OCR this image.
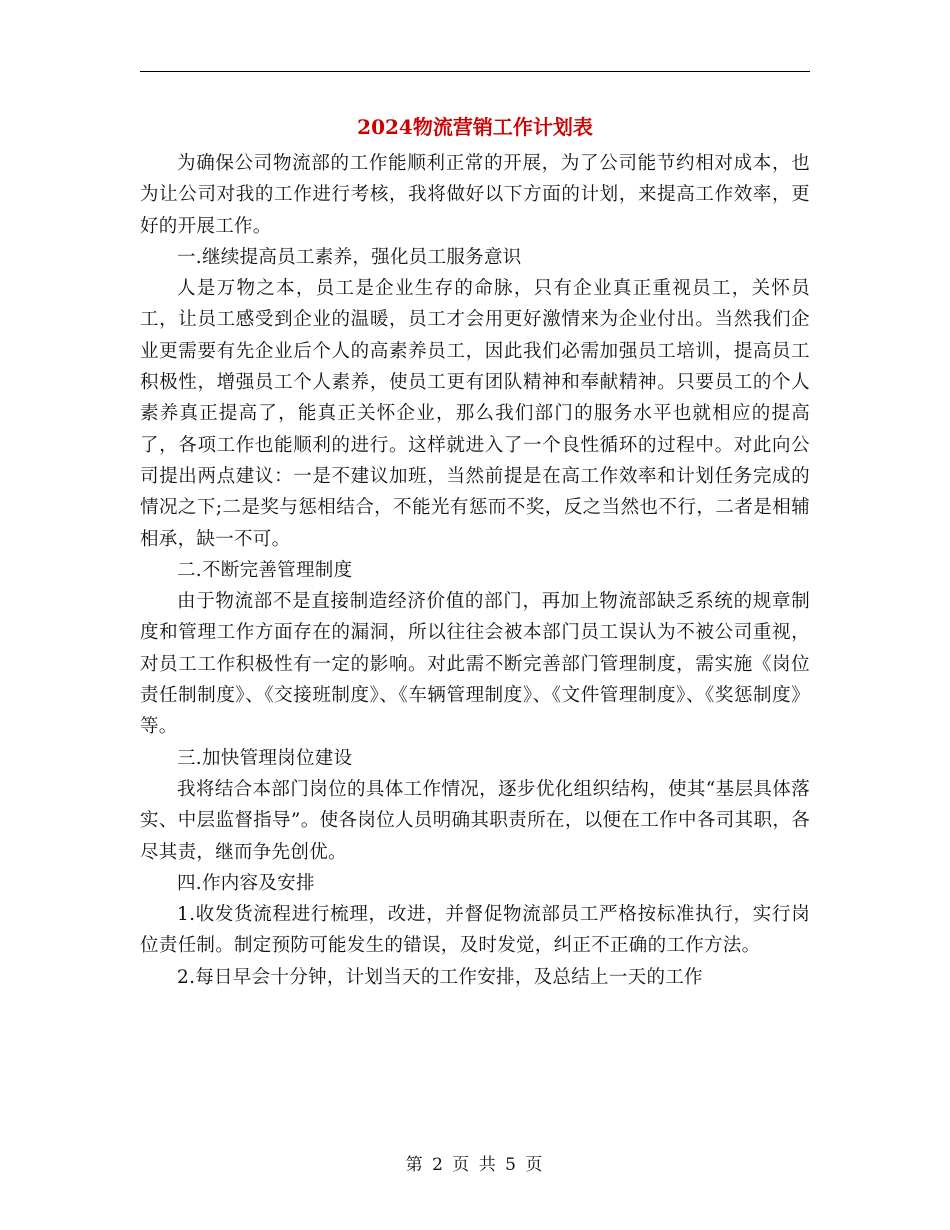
2024物流营销工作计划表

为确保公司物流部的工作能顺利正常的开展，为了公司能节约相对成本，也为让公司对我的工作进行考核，我将做好以下方面的计划，来提高工作效率，更好的开展工作。

一.继续提高员工素养，强化员工服务意识

人是万物之本，员工是企业生存的命脉，只有企业真正重视员工，关怀员工，让员工感受到企业的温暖，员工才会用更好激情来为企业付出。当然我们企业更需要有先企业后个人的高素养员工，因此我们必需加强员工培训，提高员工积极性，增强员工个人素养，使员工更有团队精神和奉献精神。只要员工的个人素养真正提高了，能真正关怀企业，那么我们部门的服务水平也就相应的提高了，各项工作也能顺利的进行。这样就进入了一个良性循环的过程中。对此向公司提出两点建议：一是不建议加班，当然前提是在高工作效率和计划任务完成的情况之下;二是奖与惩相结合，不能光有惩而不奖，反之当然也不行，二者是相辅相承，缺一不可。

二.不断完善管理制度

由于物流部不是直接制造经济价值的部门，再加上物流部缺乏系统的规章制度和管理工作方面存在的漏洞，所以往往会被本部门员工误认为不被公司重视，对员工工作积极性有一定的影响。对此需不断完善部门管理制度，需实施《岗位责任制制度》、《交接班制度》、《车辆管理制度》、《文件管理制度》、《奖惩制度》等。

三.加快管理岗位建设

我将结合本部门岗位的具体工作情况，逐步优化组织结构，使其“基层具体落实、中层监督指导”。使各岗位人员明确其职责所在，以便在工作中各司其职，各尽其责，继而争先创优。

四.作内容及安排

1.收发货流程进行梳理，改进，并督促物流部员工严格按标准执行，实行岗位责任制。制定预防可能发生的错误，及时发觉，纠正不正确的工作方法。

2.每日早会十分钟，计划当天的工作安排，及总结上一天的工作

第 2 页 共 5 页
